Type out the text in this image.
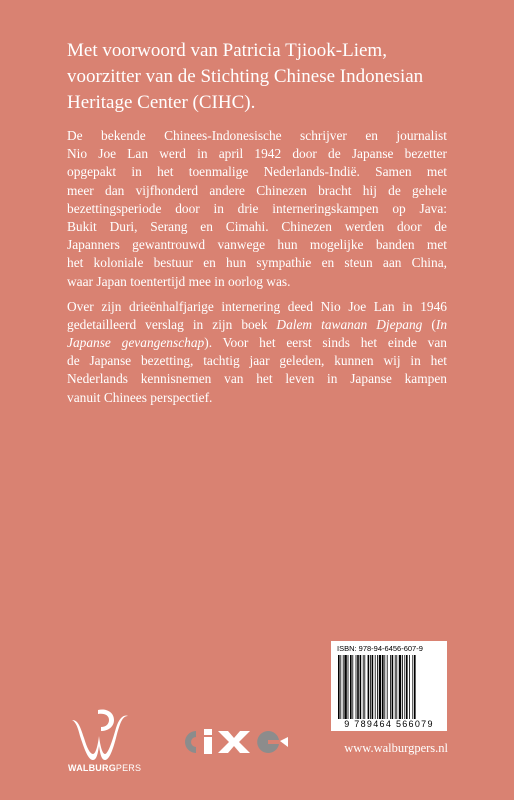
Met voorwoord van Patricia Tjiook-Liem,
voorzitter van de Stichting Chinese Indonesian
Heritage Center (CIHC).

De bekende Chinees-Indonesische schrijver en journalist
Nio Joe Lan werd in april 1942 door de Japanse bezetter
opgepakt in het toenmalige Nederlands-Indië. Samen met
meer dan vijfhonderd andere Chinezen bracht hij de gehele
bezettingsperiode door in drie interneringskampen op Java:
Bukit Duri, Serang en Cimahi. Chinezen werden door de
Japanners gewantrouwd vanwege hun mogelijke banden met
het koloniale bestuur en hun sympathie en steun aan China,
waar Japan toentertijd mee in oorlog was.

Over zijn drieënhalfjarige internering deed Nio Joe Lan in 1946
gedetailleerd verslag in zijn boek Dalem tawanan Djepang (In
Japanse gevangenschap). Voor het eerst sinds het einde van
de Japanse bezetting, tachtig jaar geleden, kunnen wij in het
Nederlands kennisnemen van het leven in Japanse kampen
vanuit Chinees perspectief.

WALBURGPERS
ISBN: 978-94-6456-607-9
9 789464 566079
www.walburgpers.nl
